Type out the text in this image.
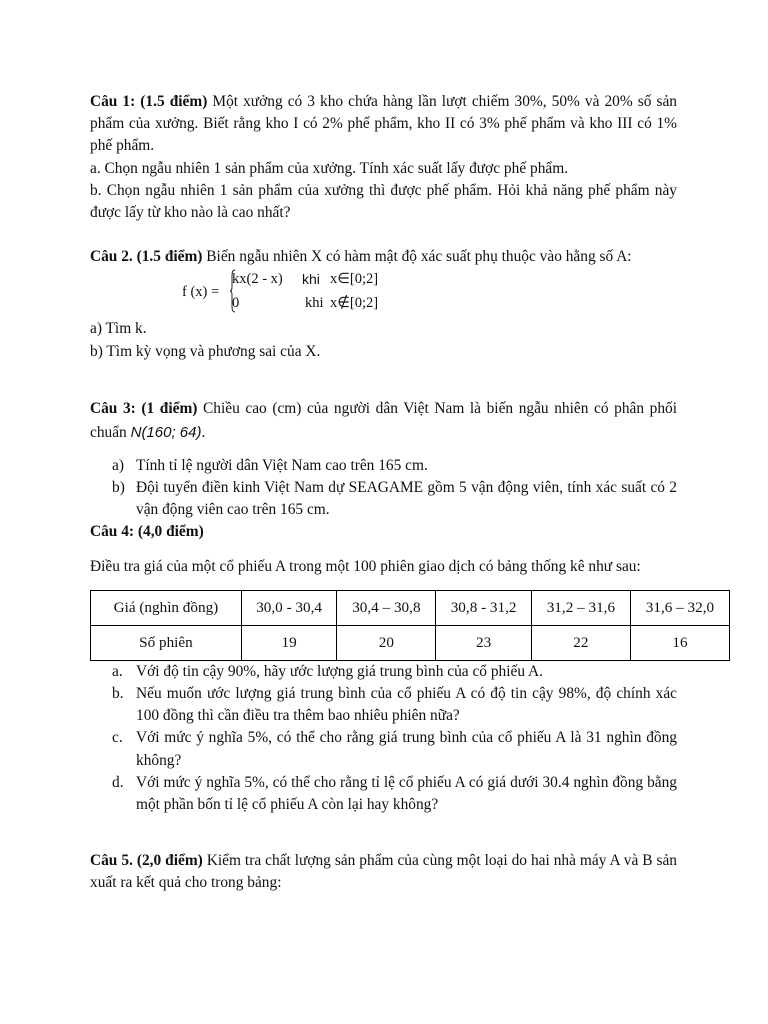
Câu 1: (1.5 điểm) Một xưởng có 3 kho chứa hàng lần lượt chiếm 30%, 50% và 20% số sản phẩm của xưởng. Biết rằng kho I có 2% phế phẩm, kho II có 3% phế phẩm và kho III có 1% phế phẩm.

a. Chọn ngẫu nhiên 1 sản phẩm của xưởng. Tính xác suất lấy được phế phẩm.

b. Chọn ngẫu nhiên 1 sản phẩm của xưởng thì được phế phẩm. Hỏi khả năng phế phẩm này được lấy từ kho nào là cao nhất?

Câu 2. (1.5 điểm) Biến ngẫu nhiên X có hàm mật độ xác suất phụ thuộc vào hằng số A:

f (x) =
kx(2 - x) khi x∈[0;2]
0	khi x∉[0;2]

a) Tìm k.

b) Tìm kỳ vọng và phương sai của X.

Câu 3: (1 điểm) Chiều cao (cm) của người dân Việt Nam là biến ngẫu nhiên có phân phối chuẩn N(160; 64).

a) Tính tỉ lệ người dân Việt Nam cao trên 165 cm.
b) Đội tuyển điền kinh Việt Nam dự SEAGAME gồm 5 vận động viên, tính xác suất có 2 vận động viên cao trên 165 cm.

Câu 4: (4,0 điểm)

Điều tra giá của một cổ phiếu A trong một 100 phiên giao dịch có bảng thống kê như sau:

Giá (nghìn đồng)	30,0 - 30,4	30,4 – 30,8	30,8 - 31,2	31,2 – 31,6	31,6 – 32,0
Số phiên	19	20	23	22	16
a. Với độ tin cậy 90%, hãy ước lượng giá trung bình của cổ phiếu A.
b. Nếu muốn ước lượng giá trung bình của cổ phiếu A có độ tin cậy 98%, độ chính xác 100 đồng thì cần điều tra thêm bao nhiêu phiên nữa?
c. Với mức ý nghĩa 5%, có thể cho rằng giá trung bình của cổ phiếu A là 31 nghìn đồng không?
d. Với mức ý nghĩa 5%, có thể cho rằng tỉ lệ cổ phiếu A có giá dưới 30.4 nghìn đồng bằng một phần bốn tỉ lệ cổ phiếu A còn lại hay không?

Câu 5. (2,0 điểm) Kiểm tra chất lượng sản phẩm của cùng một loại do hai nhà máy A và B sản xuất ra kết quả cho trong bảng:
